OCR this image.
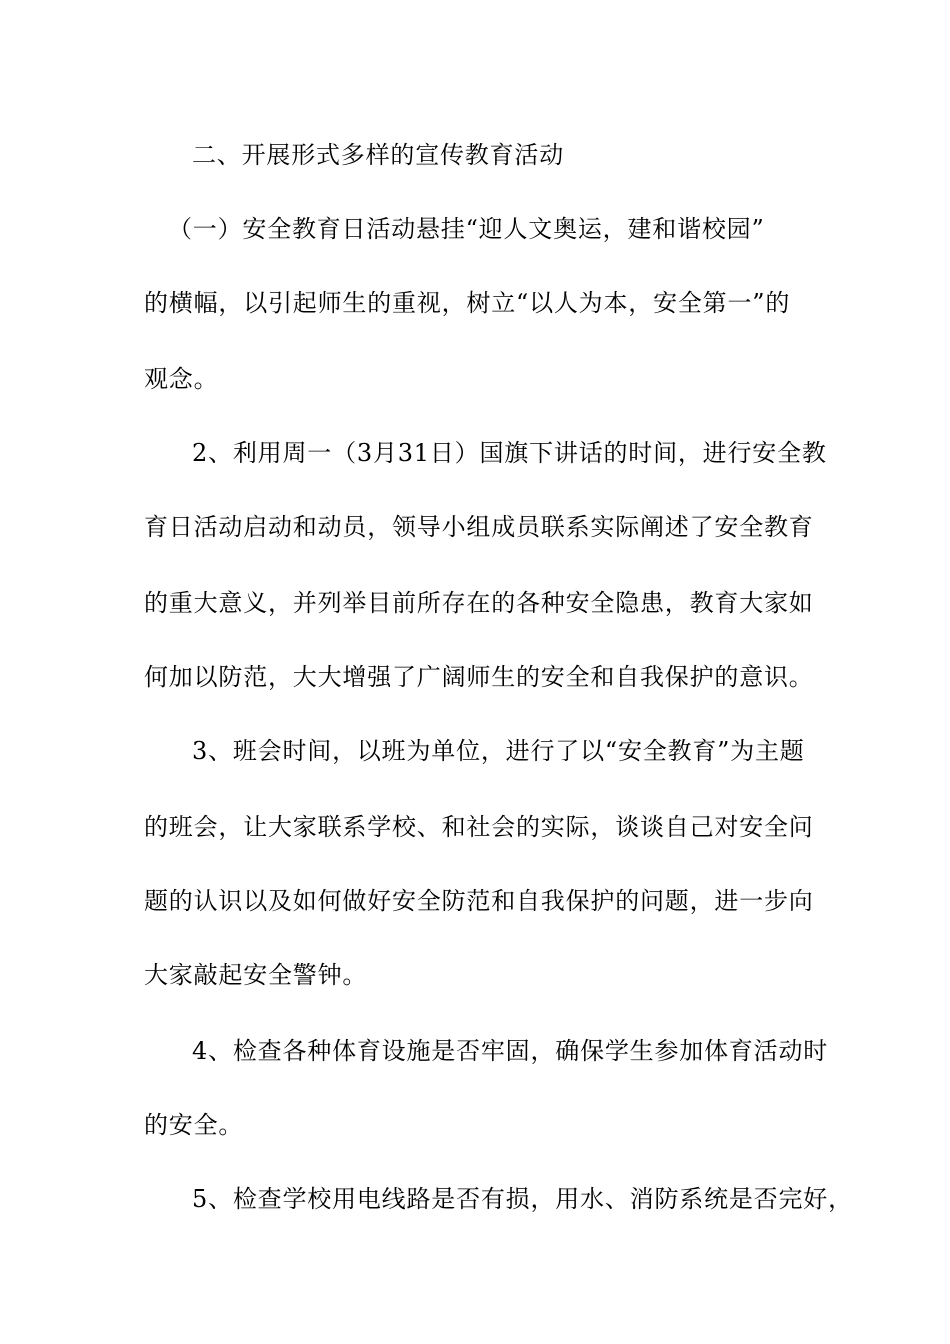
二、开展形式多样的宣传教育活动
（一）安全教育日活动悬挂“迎人文奥运，建和谐校园”
的横幅，以引起师生的重视，树立“以人为本，安全第一”的
观念。
2、利用周一（3月31日）国旗下讲话的时间，进行安全教
育日活动启动和动员，领导小组成员联系实际阐述了安全教育
的重大意义，并列举目前所存在的各种安全隐患，教育大家如
何加以防范，大大增强了广阔师生的安全和自我保护的意识。
3、班会时间，以班为单位，进行了以“安全教育”为主题
的班会，让大家联系学校、和社会的实际，谈谈自己对安全问
题的认识以及如何做好安全防范和自我保护的问题，进一步向
大家敲起安全警钟。
4、检查各种体育设施是否牢固，确保学生参加体育活动时
的安全。
5、检查学校用电线路是否有损，用水、消防系统是否完好，
